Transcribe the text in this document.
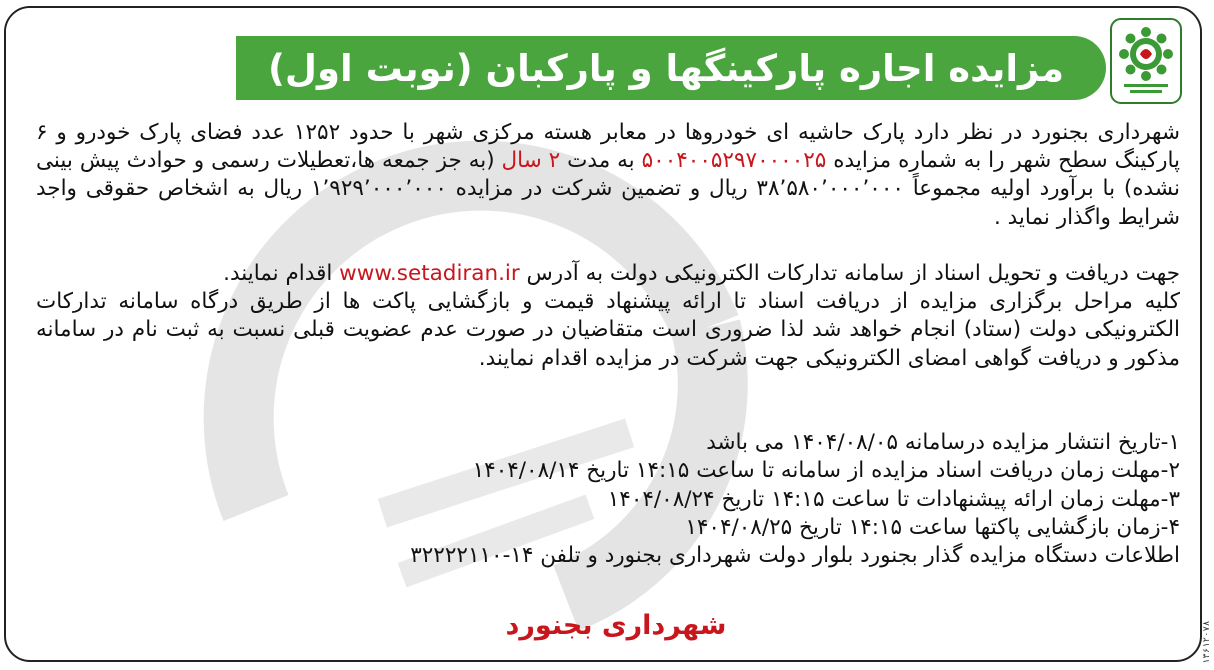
مزایده اجاره پارکینگها و پارکبان (نوبت اول)

شهرداری بجنورد در نظر دارد پارک حاشیه ای خودروها در معابر هسته مرکزی شهر با حدود ۱۲۵۲ عدد فضای پارک خودرو و ۶ پارکینگ سطح شهر را به شماره مزایده ۵۰۰۴۰۰۵۲۹۷۰۰۰۰۲۵ به مدت ۲ سال (به جز جمعه ها،تعطیلات رسمی و حوادث پیش بینی نشده) با برآورد اولیه مجموعاً ۳۸٬۵۸۰٬۰۰۰٬۰۰۰ ریال و تضمین شرکت در مزایده ۱٬۹۲۹٬۰۰۰٬۰۰۰ ریال به اشخاص حقوقی واجد شرایط واگذار نماید .

جهت دریافت و تحویل اسناد از سامانه تدارکات الکترونیکی دولت به آدرس www.setadiran.ir اقدام نمایند.

کلیه مراحل برگزاری مزایده از دریافت اسناد تا ارائه پیشنهاد قیمت و بازگشایی پاکت ها از طریق درگاه سامانه تدارکات الکترونیکی دولت (ستاد) انجام خواهد شد لذا ضروری است متقاضیان در صورت عدم عضویت قبلی نسبت به ثبت نام در سامانه مذکور و دریافت گواهی امضای الکترونیکی جهت شرکت در مزایده اقدام نمایند.

۱-تاریخ انتشار مزایده درسامانه ۱۴۰۴/۰۸/۰۵ می باشد

۲-مهلت زمان دریافت اسناد مزایده از سامانه تا ساعت ۱۴:۱۵ تاریخ ۱۴۰۴/۰۸/۱۴

۳-مهلت زمان ارائه پیشنهادات تا ساعت ۱۴:۱۵ تاریخ ۱۴۰۴/۰۸/۲۴

۴-زمان بازگشایی پاکتها ساعت ۱۴:۱۵ تاریخ ۱۴۰۴/۰۸/۲۵

اطلاعات دستگاه مزایده گذار بجنورد بلوار دولت شهرداری بجنورد و تلفن ۱۴-۳۲۲۲۲۱۱۰

شهرداری بجنورد	۱۳۶۱۲۰۷۸
